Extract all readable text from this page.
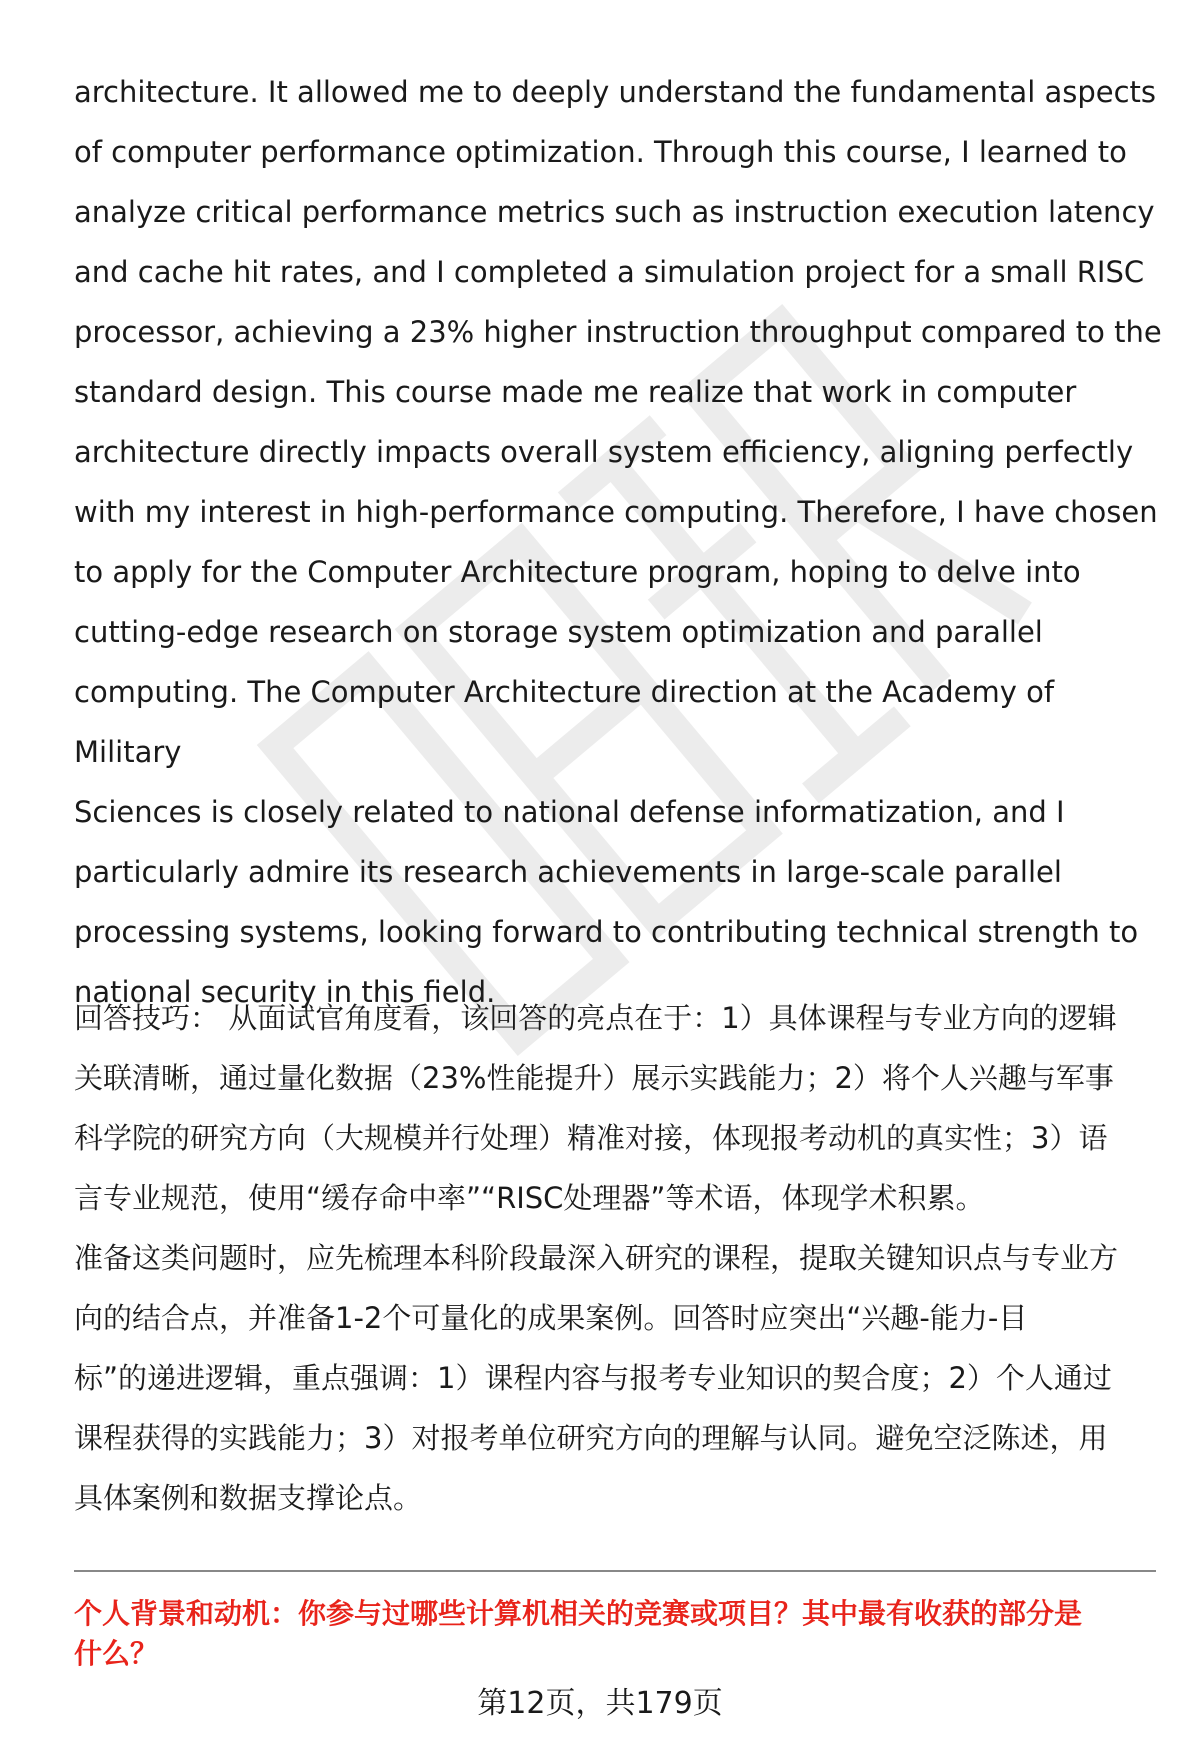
architecture. It allowed me to deeply understand the fundamental aspects
of computer performance optimization. Through this course, I learned to
analyze critical performance metrics such as instruction execution latency
and cache hit rates, and I completed a simulation project for a small RISC
processor, achieving a 23% higher instruction throughput compared to the
standard design. This course made me realize that work in computer
architecture directly impacts overall system efficiency, aligning perfectly
with my interest in high-performance computing. Therefore, I have chosen
to apply for the Computer Architecture program, hoping to delve into
cutting-edge research on storage system optimization and parallel
computing. The Computer Architecture direction at the Academy of Military
Sciences is closely related to national defense informatization, and I
particularly admire its research achievements in large-scale parallel
processing systems, looking forward to contributing technical strength to
national security in this field.

回答技巧： 从面试官角度看，该回答的亮点在于：1）具体课程与专业方向的逻辑
关联清晰，通过量化数据（23%性能提升）展示实践能力；2）将个人兴趣与军事
科学院的研究方向（大规模并行处理）精准对接，体现报考动机的真实性；3）语
言专业规范，使用“缓存命中率”“RISC处理器”等术语，体现学术积累。

准备这类问题时，应先梳理本科阶段最深入研究的课程，提取关键知识点与专业方
向的结合点，并准备1-2个可量化的成果案例。回答时应突出“兴趣-能力-目
标”的递进逻辑，重点强调：1）课程内容与报考专业知识的契合度；2）个人通过
课程获得的实践能力；3）对报考单位研究方向的理解与认同。避免空泛陈述，用
具体案例和数据支撑论点。

个人背景和动机：你参与过哪些计算机相关的竞赛或项目？其中最有收获的部分是
什么？

第12页，共179页
